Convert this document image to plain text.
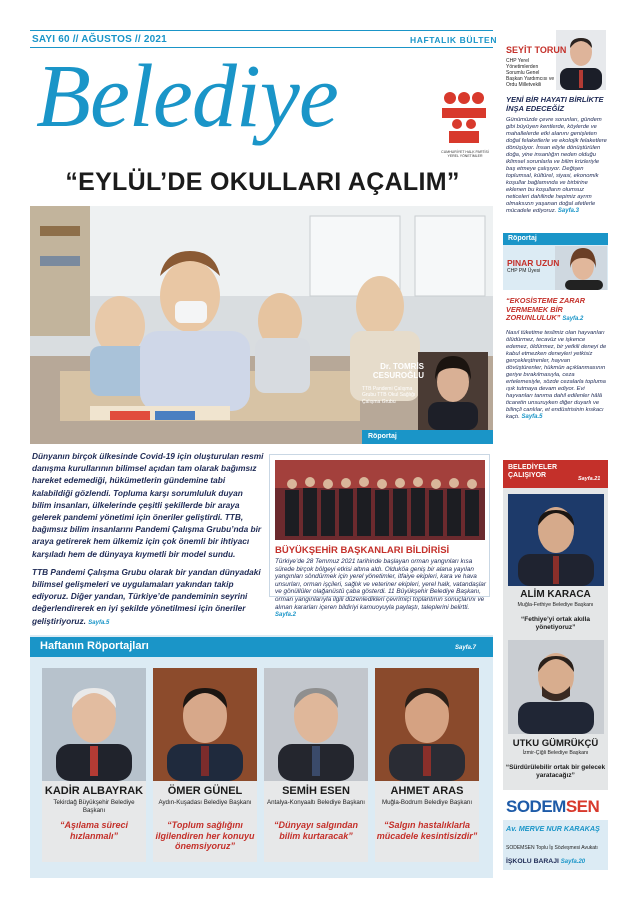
SAYI 60 // AĞUSTOS // 2021	HAFTALIK BÜLTEN
Belediye
CUMHURİYET HALK PARTİSİ YEREL YÖNETİMLER
“EYLÜL’DE OKULLARI AÇALIM”
Dr. TOMRİS CESUROĞLU
TTB Pandemi Çalışma Grubu TTB Okul Sağlığı Çalışma Grubu
Röportaj

Dünyanın birçok ülkesinde Covid-19 için oluşturulan resmi danışma kurullarının bilimsel açıdan tam olarak bağımsız hareket edemediği, hükümetlerin gündemine tabi kalabildiği gözlendi. Topluma karşı sorumluluk duyan bilim insanları, ülkelerinde çeşitli şekillerde bir araya gelerek pandemi yönetimi için öneriler geliştirdi. TTB, bağımsız bilim insanlarını Pandemi Çalışma Grubu’nda bir araya getirerek hem ülkemiz için çok önemli bir ihtiyacı karşıladı hem de dünyaya kıymetli bir model sundu.

TTB Pandemi Çalışma Grubu olarak bir yandan dünyadaki bilimsel gelişmeleri ve uygulamaları yakından takip ediyoruz. Diğer yandan, Türkiye’de pandeminin seyrini değerlendirerek en iyi şekilde yönetilmesi için öneriler geliştiriyoruz. Sayfa.5

BÜYÜKŞEHİR BAŞKANLARI BİLDİRİSİ
Türkiye’de 28 Temmuz 2021 tarihinde başlayan orman yangınları kısa sürede birçok bölgeyi etkisi altına aldı. Olduköa geniş bir alana yayılan yangınları söndürmek için yerel yönetimler, itfaiye ekipleri, kara ve hava unsurları, orman işçileri, sağlık ve veteriner ekipleri, yerel halk, vatandaşlar ve gönüllüler olağanüstü çaba gösterdi. 11 Büyükşehir Belediye Başkanı, orman yangınlarıyla ilgili düzenledikleri çevrimiçi toplantının sonuçlarını ve alınan kararları içeren bildiriyi kamuoyuyla paylaştı, taleplerini belirtti. Sayfa.2
Haftanın Röportajları	Sayfa.7
KADİR ALBAYRAK
Tekirdağ Büyükşehir Belediye Başkanı
“Aşılama süreci hızlanmalı”
ÖMER GÜNEL
Aydın-Kuşadası Belediye Başkanı
“Toplum sağlığını ilgilendiren her konuyu önemsiyoruz”
SEMİH ESEN
Antalya-Konyaaltı Belediye Başkanı
“Dünyayı salgından bilim kurtaracak”
AHMET ARAS
Muğla-Bodrum Belediye Başkanı
“Salgın hastalıklarla mücadele kesintisizdir”
SEYİT TORUN
CHP Yerel Yönetimlerden Sorumlu Genel Başkan Yardımcısı ve Ordu Milletvekili
YENİ BİR HAYATI BİRLİKTE İNŞA EDECEĞİZ
Günümüzde çevre sorunları, gündem gibi büyüyen kentlerde, köylerde ve mahallelerde etki alanını genişleten doğal felaketlerle ve ekolojik felaketlere dönüşüyor. İnsan eliyle dönüştürülen doğa, yine insanlığın neden olduğu iklimsel sorunlarla ve bilim krizleriyle baş etmeye çalışıyor. Değişen toplumsal, kültürel, siyasi, ekonomik koşullar bağlamında ve birbirine eklenen bu koşulların olumsuz neticeleri dahilinde hepimiz ayrım olmaksızın yaşanan doğal afetlerle mücadele ediyoruz. Sayfa.3
Röportaj
PINAR UZUN
CHP PM Üyesi
“EKOSİSTEME ZARAR VERMEMEK BİR ZORUNLULUK” Sayfa.2
Nasıl tüketime teslimiz olan hayvanları ölüdürmez, tecavüz ve işkence edemez, öldürmez, bir yetkili deneyi de kabul etmezken deneyleri yetkisiz gerçekleştirenler, hayvan dövüştürenler, hükmün açıklanmasının geriye bırakılmasıyla, ceza ertelemesiyle, sözde cezalarla topluma ışık tutmaya devam ediyor. Evi hayvanları tanıma dahil edilenler hâlâ ticaretin unsuruyken diğer duyarlı ve bilinçli canlılar, et endüstrisinin kıskacı kaçtı. Sayfa.5
BELEDİYELER ÇALIŞIYOR	Sayfa.21
ALİM KARACA
Muğla-Fethiye Belediye Başkanı
“Fethiye’yi ortak akılla yönetiyoruz”
UTKU GÜMRÜKÇÜ
İzmir-Çiğli Belediye Başkanı
“Sürdürülebilir ortak bir gelecek yaratacağız”
SODEMSEN
Av. MERVE NUR KARAKAŞ
SODEMSEN Toplu İş Sözleşmesi Avukatı
İŞKOLU BARAJI Sayfa.20
